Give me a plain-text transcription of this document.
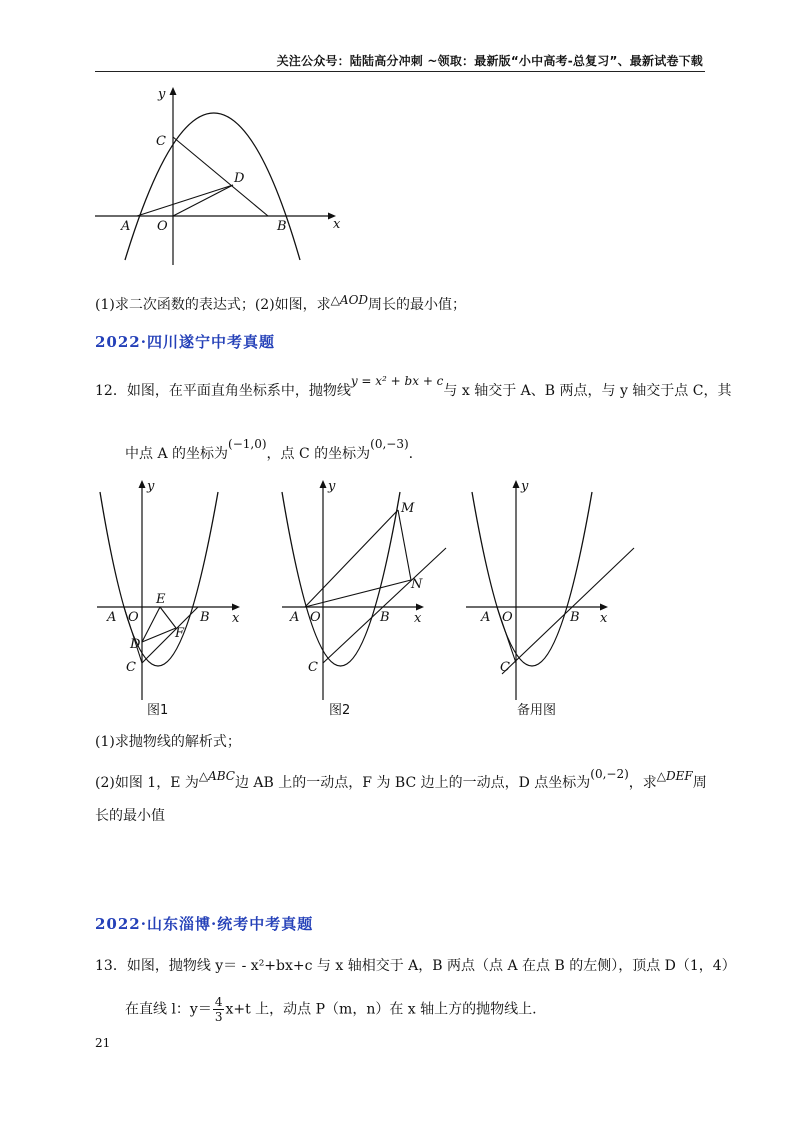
关注公众号：陆陆高分冲刺 ~领取：最新版“小中高考-总复习”、最新试卷下载
y
x
C
D
A O	B
(1)求二次函数的表达式；(2)如图，求△AOD周长的最小值；
2022·四川遂宁中考真题
12．如图，在平面直角坐标系中，抛物线y = x² + bx + c与 x 轴交于 A、B 两点，与 y 轴交于点 C，其
中点 A 的坐标为(−1,0)，点 C 的坐标为(0,−3).
y
x
A O	B
E
F
D
C
y
x
A O	B
C
M
N
y
x
A O	B
C
图1	图2	备用图
(1)求抛物线的解析式；
(2)如图 1，E 为△ABC边 AB 上的一动点，F 为 BC 边上的一动点，D 点坐标为(0,−2)，求△DEF周
长的最小值
2022·山东淄博·统考中考真题
13．如图，抛物线 y＝ - x²+bx+c 与 x 轴相交于 A，B 两点（点 A 在点 B 的左侧），顶点 D（1，4）
在直线 l：$y= \frac{4}{3} x+t$ 上，动点 P（m，n）在 x 轴上方的抛物线上.
21
